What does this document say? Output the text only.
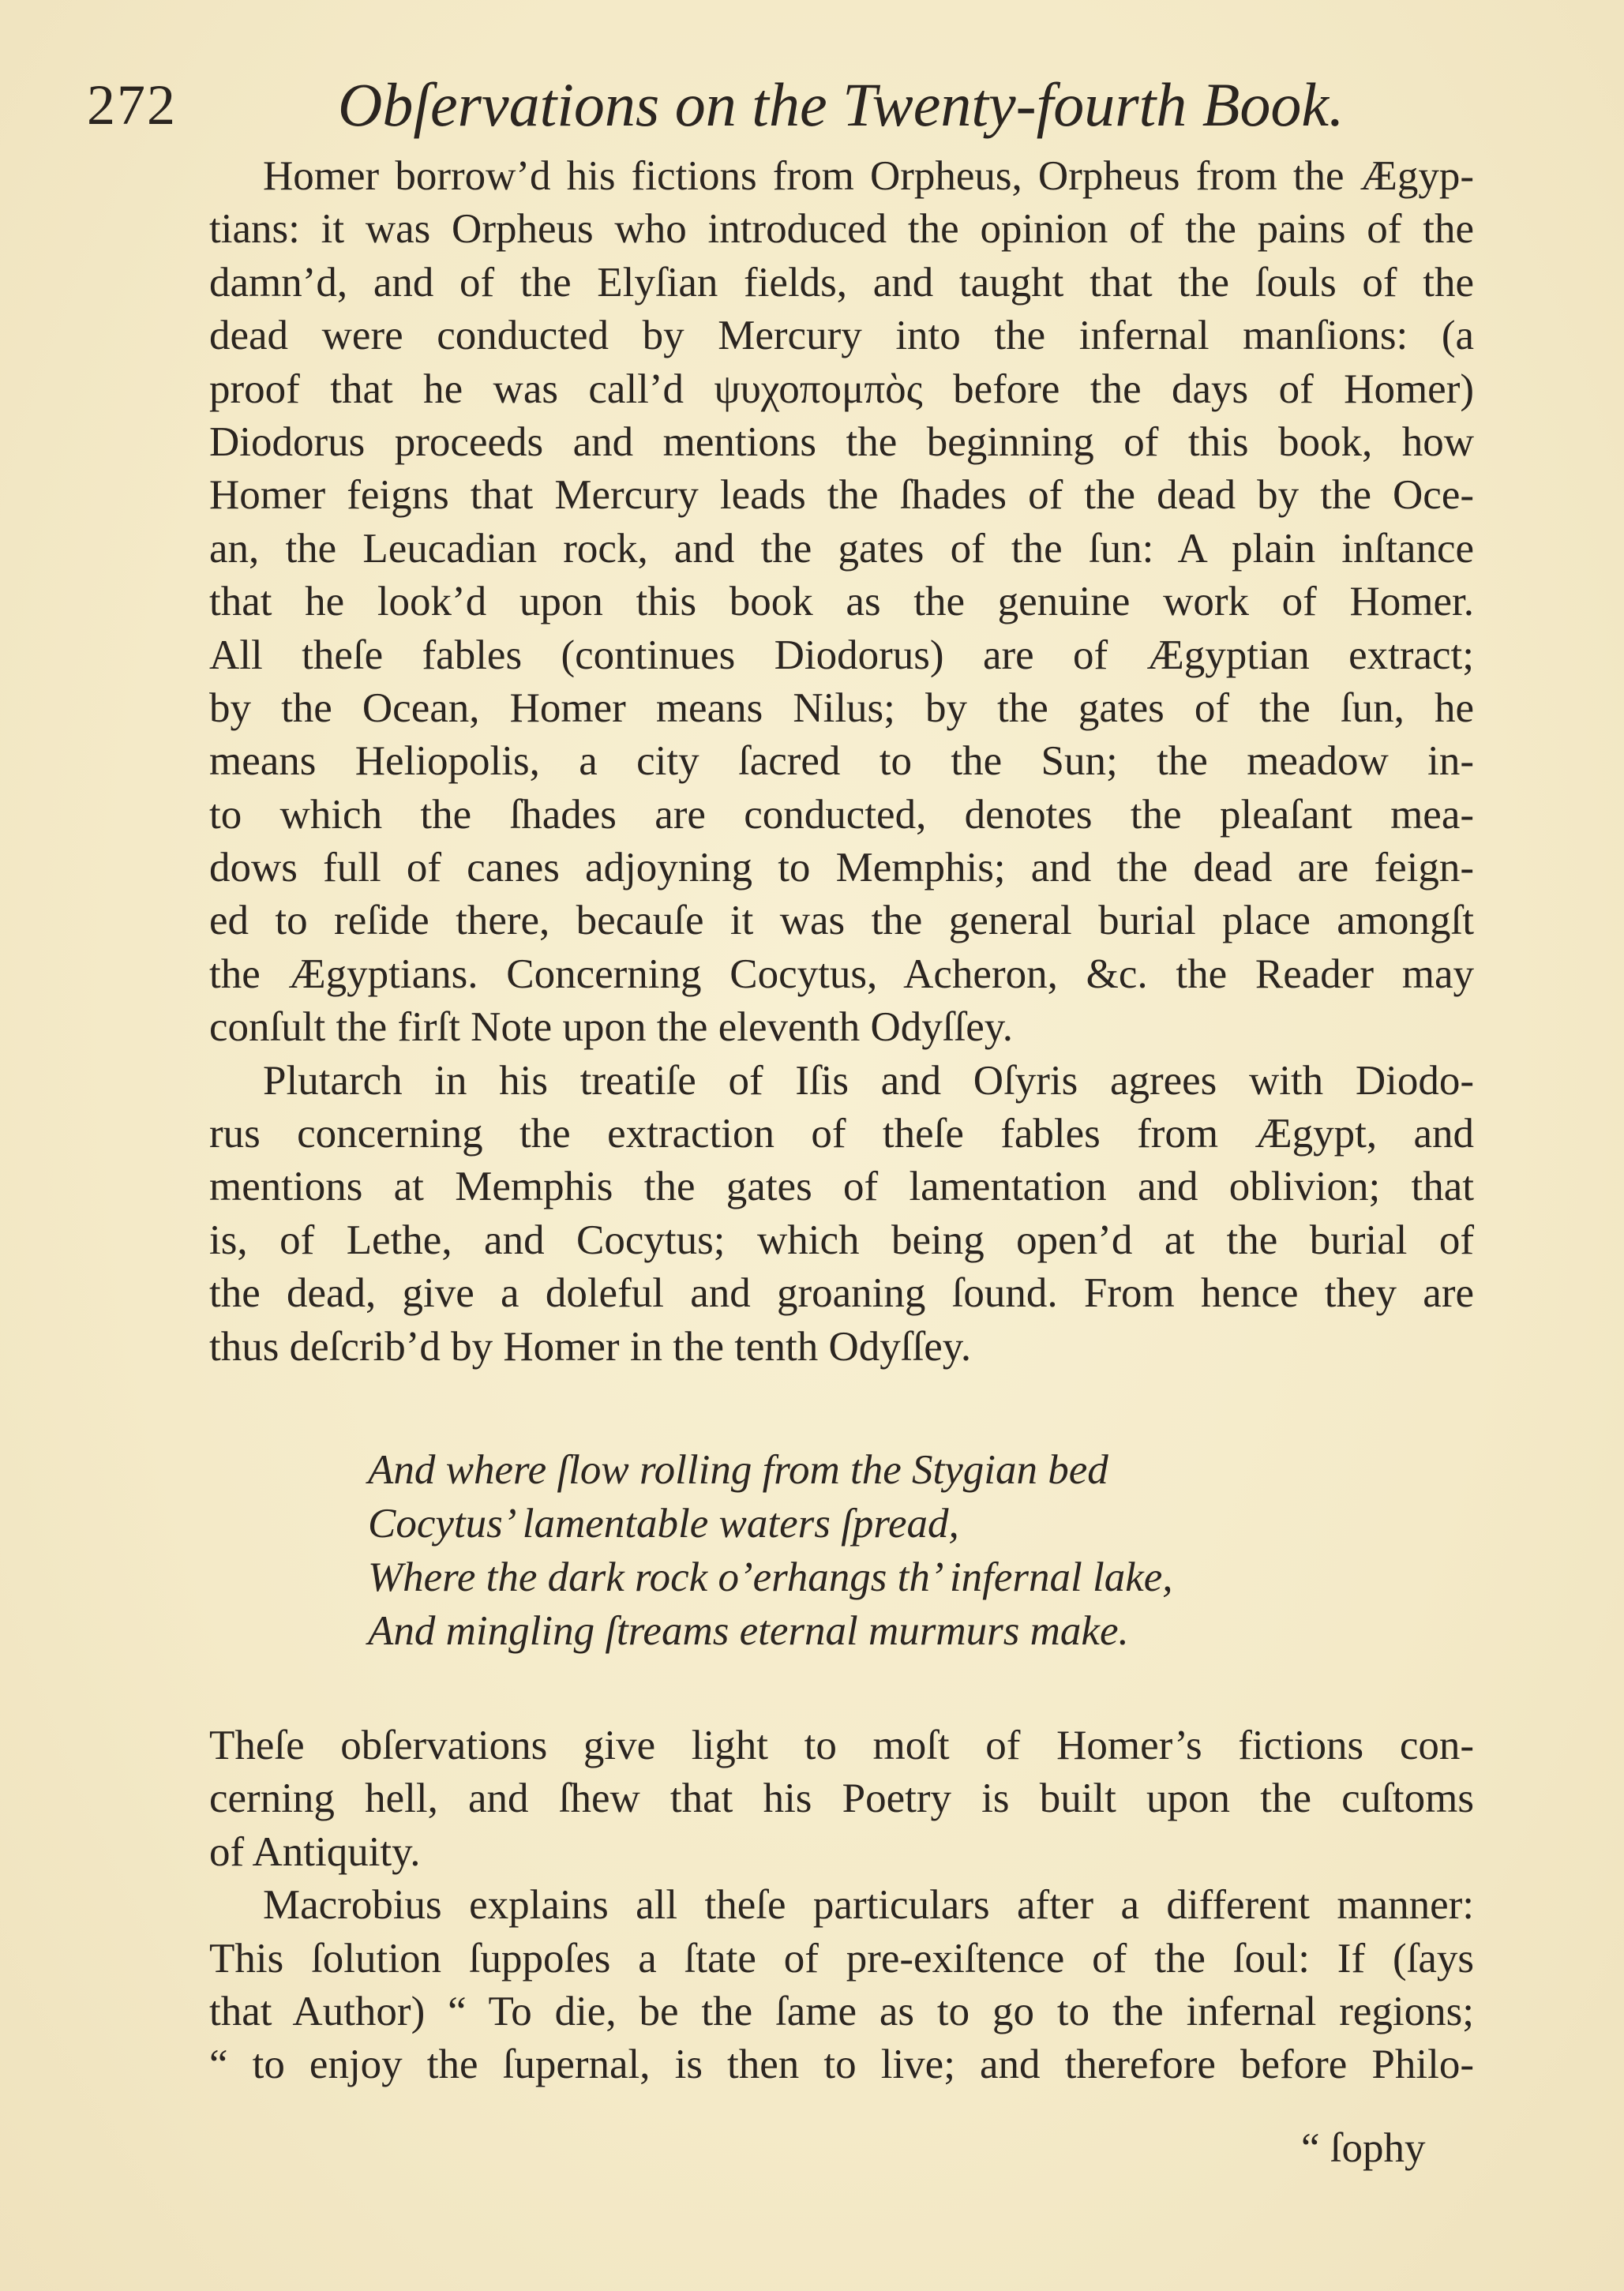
272	Obſervations on the Twenty-fourth Book.
Homer borrow’d his fictions from Orpheus, Orpheus from the Ægyp-
tians: it was Orpheus who introduced the opinion of the pains of the
damn’d, and of the Elyſian fields, and taught that the ſouls of the
dead were conducted by Mercury into the infernal manſions: (a
proof that he was call’d ψυχοπομπὸς before the days of Homer)
Diodorus proceeds and mentions the beginning of this book, how
Homer feigns that Mercury leads the ſhades of the dead by the Oce-
an, the Leucadian rock, and the gates of the ſun: A plain inſtance
that he look’d upon this book as the genuine work of Homer.
All theſe fables (continues Diodorus) are of Ægyptian extract;
by the Ocean, Homer means Nilus; by the gates of the ſun, he
means Heliopolis, a city ſacred to the Sun; the meadow in-
to which the ſhades are conducted, denotes the pleaſant mea-
dows full of canes adjoyning to Memphis; and the dead are feign-
ed to reſide there, becauſe it was the general burial place amongſt
the Ægyptians. Concerning Cocytus, Acheron, &c. the Reader may
conſult the firſt Note upon the eleventh Odyſſey.
Plutarch in his treatiſe of Iſis and Oſyris agrees with Diodo-
rus concerning the extraction of theſe fables from Ægypt, and
mentions at Memphis the gates of lamentation and oblivion; that
is, of Lethe, and Cocytus; which being open’d at the burial of
the dead, give a doleful and groaning ſound. From hence they are
thus deſcrib’d by Homer in the tenth Odyſſey.
And where ſlow rolling from the Stygian bed
Cocytus’ lamentable waters ſpread,
Where the dark rock o’erhangs th’ infernal lake,
And mingling ſtreams eternal murmurs make.
Theſe obſervations give light to moſt of Homer’s fictions con-
cerning hell, and ſhew that his Poetry is built upon the cuſtoms
of Antiquity.
Macrobius explains all theſe particulars after a different manner:
This ſolution ſuppoſes a ſtate of pre-exiſtence of the ſoul: If (ſays
that Author) “ To die, be the ſame as to go to the infernal regions;
“ to enjoy the ſupernal, is then to live; and therefore before Philo-
“ ſophy
